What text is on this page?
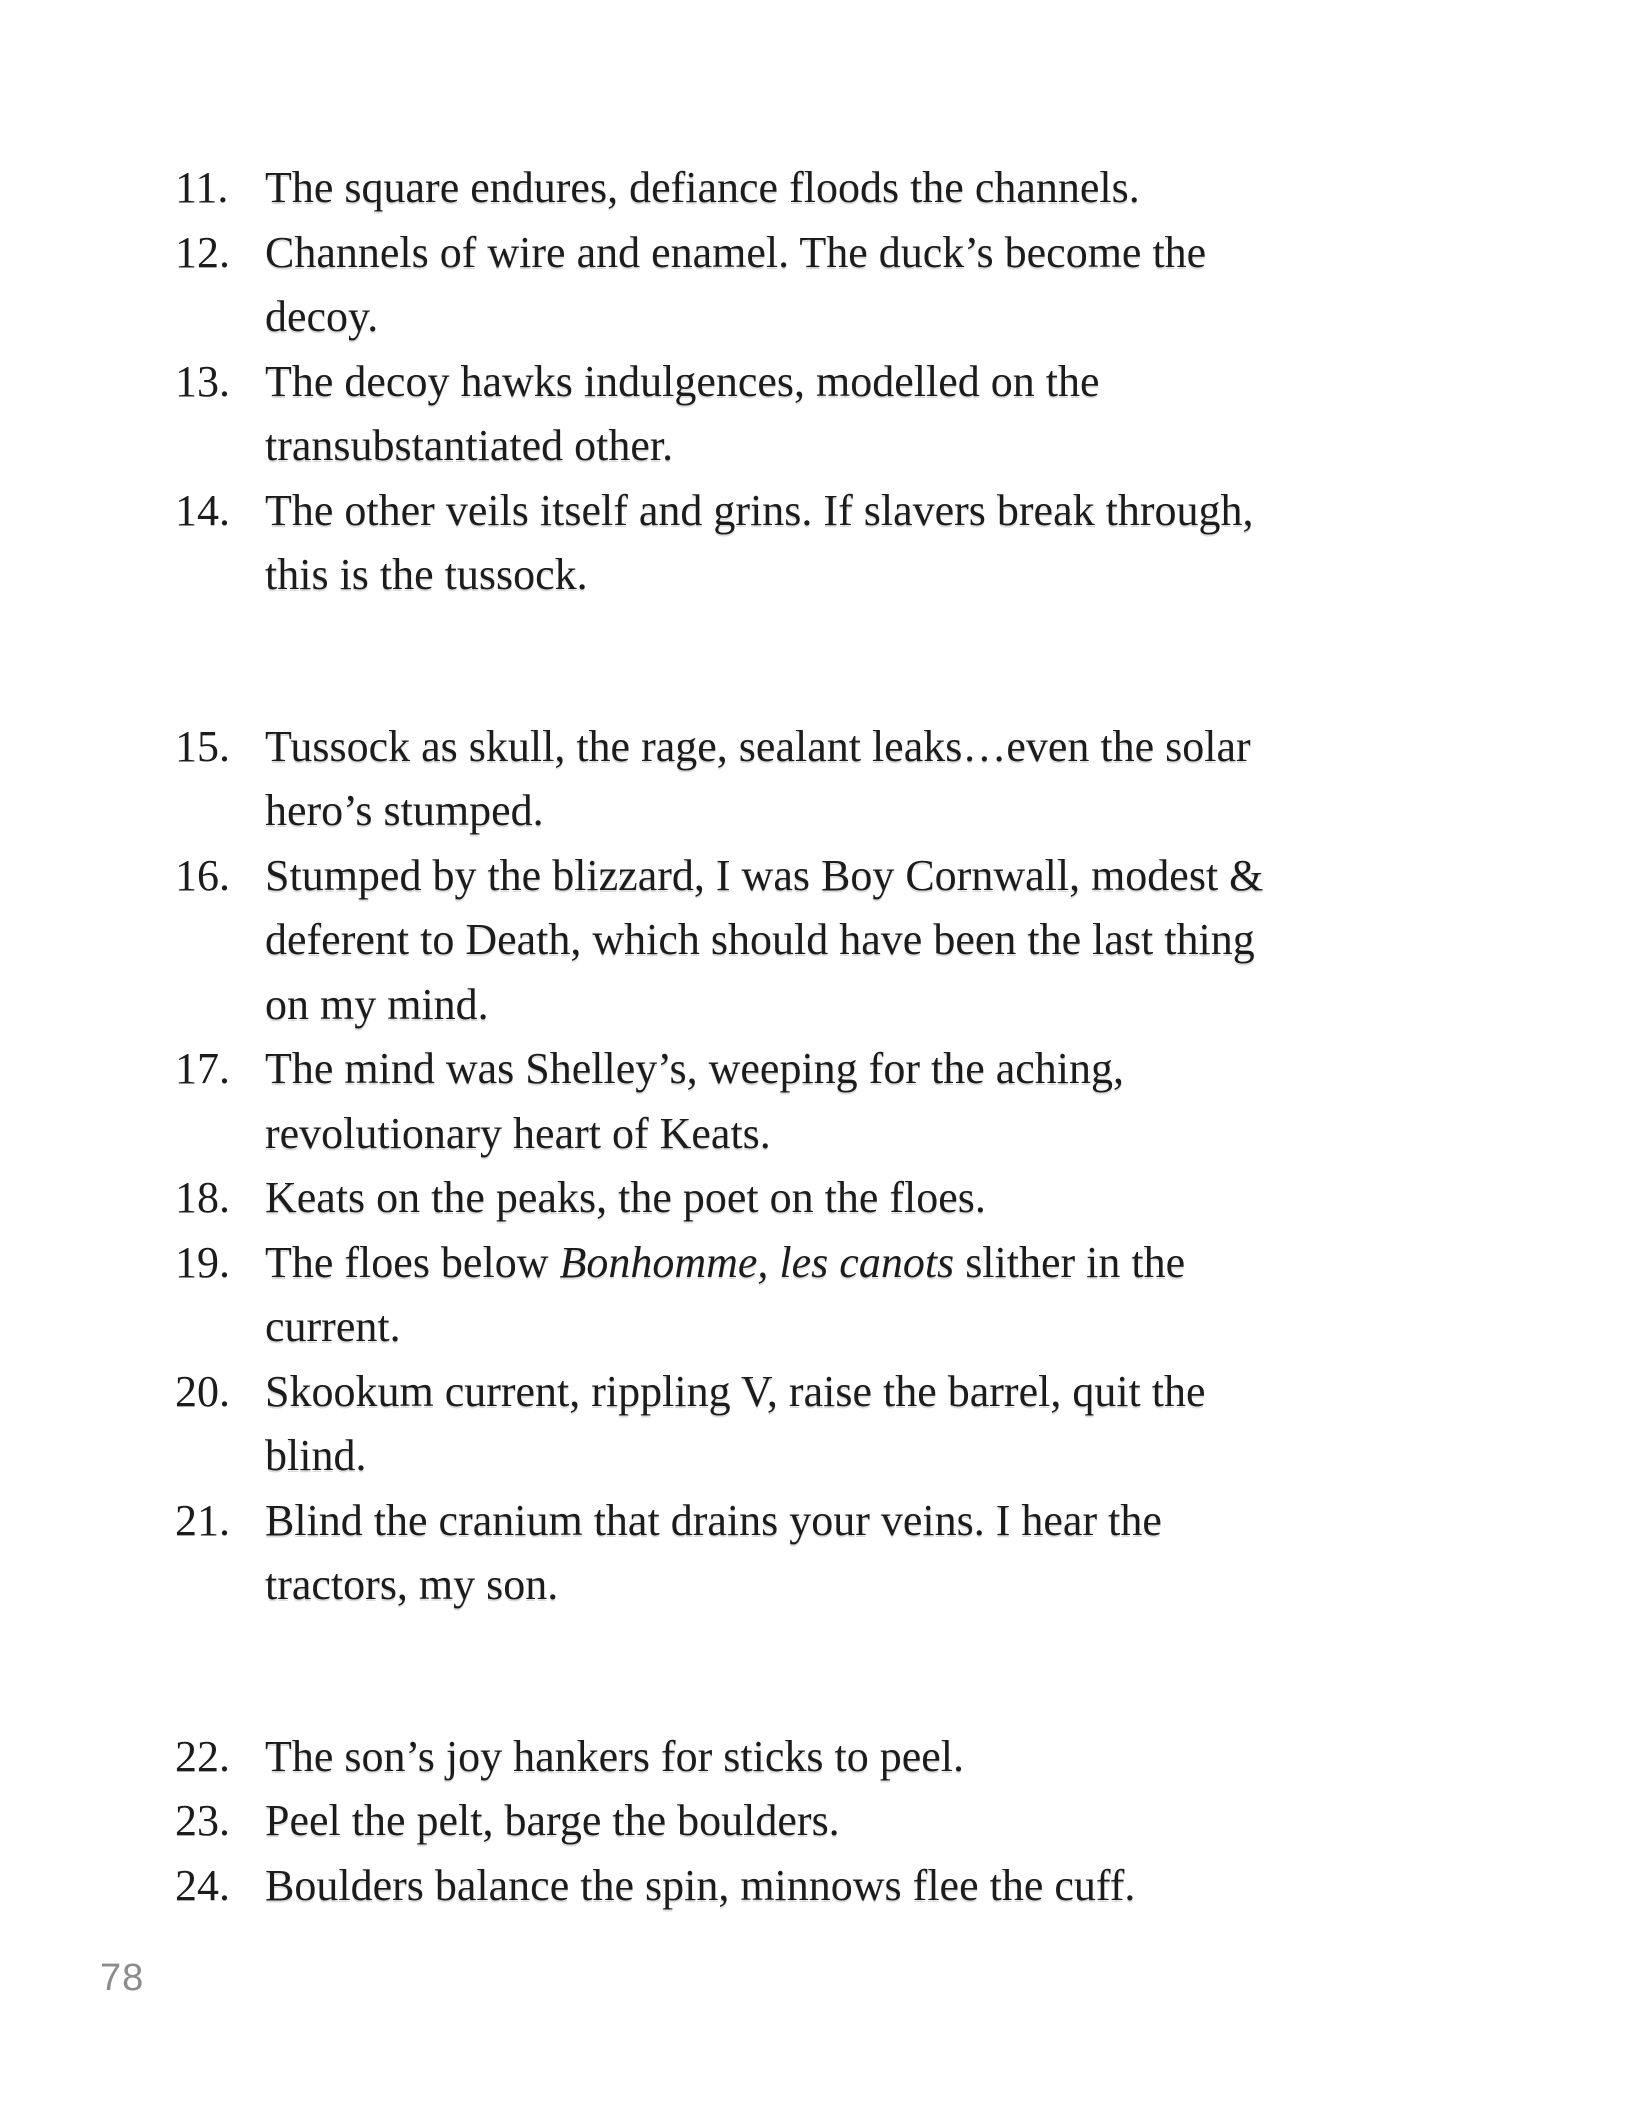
11. The square endures, defiance floods the channels.
12. Channels of wire and enamel. The duck’s become the
decoy.
13. The decoy hawks indulgences, modelled on the
transubstantiated other.
14. The other veils itself and grins. If slavers break through,
this is the tussock.
15. Tussock as skull, the rage, sealant leaks…even the solar
hero’s stumped.
16. Stumped by the blizzard, I was Boy Cornwall, modest &
deferent to Death, which should have been the last thing
on my mind.
17. The mind was Shelley’s, weeping for the aching,
revolutionary heart of Keats.
18. Keats on the peaks, the poet on the floes.
19. The floes below Bonhomme, les canots slither in the
current.
20. Skookum current, rippling V, raise the barrel, quit the
blind.
21. Blind the cranium that drains your veins. I hear the
tractors, my son.
22. The son’s joy hankers for sticks to peel.
23. Peel the pelt, barge the boulders.
24. Boulders balance the spin, minnows flee the cuff.
78
